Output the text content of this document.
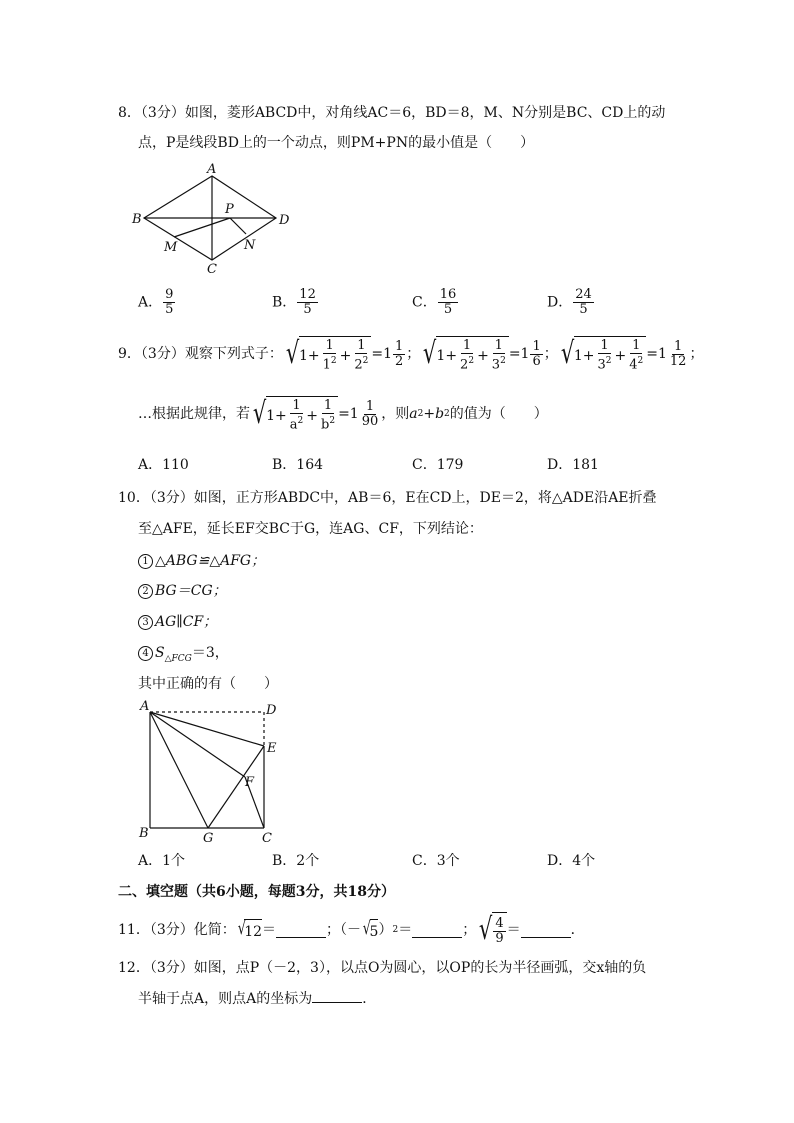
8．（3分）如图，菱形ABCD中，对角线AC＝6，BD＝8，M、N分别是BC、CD上的动
点，P是线段BD上的一个动点，则PM+PN的最小值是（　　）
A
B
C
D
P
M	N
A． $\frac{9}{5}$	B． $\frac{12}{5}$	C． $\frac{16}{5}$	D． $\frac{24}{5}$
9．（3分）观察下列式子： √ $1+ \frac{1}{1^2} + \frac{1}{2^2} =1 \frac{1}{2}$ ； √ $1+ \frac{1}{2^2} + \frac{1}{3^2} =1 \frac{1}{6}$ ； √ $1+ \frac{1}{3^2} + \frac{1}{4^2} =1 \frac{1}{12}$ ；
…根据此规律，若 √ $1+ \frac{1}{a^2} + \frac{1}{b^2} =1 \frac{1}{90}$ ，则 a 2 + b 2 的值为（　　）
A．110	B．164	C．179	D．181
10．（3分）如图，正方形ABDC中，AB＝6，E在CD上，DE＝2，将△ADE沿AE折叠
至△AFE，延长EF交BC于G，连AG、CF，下列结论：
1 △ABG≌△AFG；
2 BG＝CG；
3 AG∥CF；
4 $S_{\triangle FCG}=3$，
其中正确的有（　　）
A	D
E
F
B	G	C
A．1个	B．2个	C．3个	D．4个
二、填空题（共6小题，每题3分，共18分）
11．（3分）化简： √
12 ＝	；（－ √
5 ） 2 ＝	； √ $\frac{4}{9}$ ＝	．
12．（3分）如图，点P（－2，3），以点O为圆心，以OP的长为半径画弧，交x轴的负
半轴于点A，则点A的坐标为	．
